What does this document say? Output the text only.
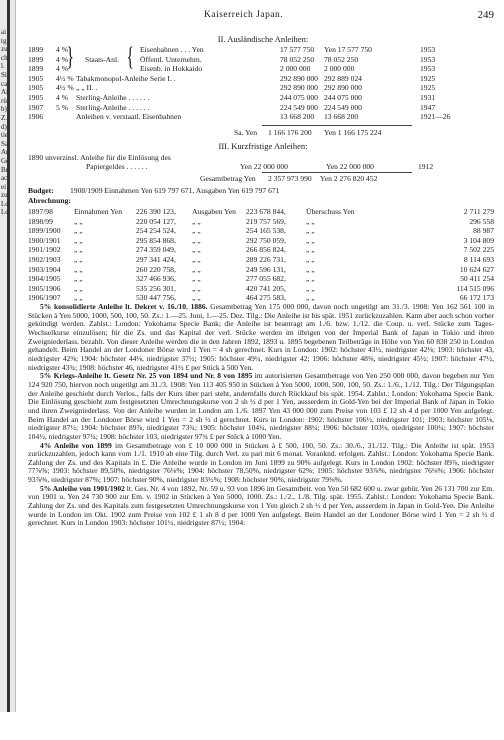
ai
tg
zu
ch
l.
Si
ca
Ai
rü
b)
Z.
d)
tie
Sa
Ar
Ge
Br
ac
ei
zu
Lo
Lo
Kaiserreich Japan.	249
II. Ausländische Anleihen:
1899 4 %	Eisenbahnen . . . Yen	17 577 750 Yen 17 577 750	1953
1899 4 %	Öffentl. Unternehm.	78 052 250 78 052 250	1953
1899 4 %	Eisenb. in Hokkaido	2 000 000 2 000 000	1953
1905 4½ % Tabakmonopol-Anleihe Serie I. .	292 890 000 292 889 024	1925
1905 4½ % „ „ II. .	292 890 000 292 890 000	1925
1905 4 % Sterling-Anleihe . . . . . .	244 075 000 244 075 000	1931
1907 5 % Sterling-Anleihe . . . . . .	224 549 000 224 549 000	1947
1906	Anleihen v. verstaatl. Eisenbahnen	13 668 200 13 668 200	1921—26
} {
Staats-Anl.
Sa. Yen 1 166 176 200 Yen 1 166 175 224
III. Kurzfristige Anleihen:
1890 unverzinsl. Anleihe für die Einlösung des
Papiergeldes . . . . . .	Yen 22 000 000	Yen 22 000 000	1912
Gesamtbetrag Yen 2 357 973 990 Yen 2 276 820 452
Budget: 1908/1909 Einnahmen Yen 619 797 671, Ausgaben Yen 619 797 671
Abrechnung:
1897/98	Einnahmen Yen 226 390 123, Ausgaben Yen 223 678 844,	Überschuss Yen	2 711 279
1898/99	„ „	220 054 127, „ „	219 757 569,	„ „	296 558
1899/1900 „ „	254 254 524, „ „	254 165 538,	„ „	88 987
1900/1901 „ „	295 854 868, „ „	292 750 059,	„ „	3 104 809
1901/1902 „ „	274 359 049, „ „	266 856 824,	„ „	7 502 225
1902/1903 „ „	297 341 424, „ „	289 226 731,	„ „	8 114 693
1903/1904 „ „	260 220 758, „ „	249 596 131,	„ „	10 624 627
1904/1905 „ „	327 466 936, „ „	277 055 682,	„ „	50 411 254
1905/1906 „ „	535 256 301, „ „	420 741 205,	„ „	114 515 096
1906/1907 „ „	530 447 756, „ „	464 275 583,	„ „	66 172 173

5% konsolidierte Anleihe lt. Dekret v. 16./10. 1886. Gesamtbetrag Yen 175 000 000, davon noch ungetilgt am 31./3. 1908: Yen 162 561 100 in Stücken à Yen 5000, 1000, 500, 100, 50. Zs.: 1.—25. Juni, 1.—25. Dez. Tilg.: Die Anleihe ist bis spät. 1951 zurückzuzahlen. Kann aber auch schon vorher gekündigt werden. Zahlst.: London: Yokohama Specie Bank; die Anleihe ist beantragt am 1./6. bzw. 1./12. die Coup. u. verl. Stücke zum Tages-Wechselkurse einzulösen; für die Zs. und das Kapital der verl. Stücke werden im übrigen von der Imperial Bank of Japan in Tokio und ihren Zweigniederlass. bezahlt. Von dieser Anleihe werden die in den Jahren 1892, 1893 u. 1895 begebenen Teilbeträge in Höhe von Yen 60 838 250 in London gehandelt. Beim Handel an der Londoner Börse wird 1 Yen = 4 sh gerechnet. Kurs in London: 1902: höchster 43¼, niedrigster 42⅛; 1903: höchster 43, niedrigster 42⅜; 1904: höchster 44⅛, niedrigster 37½; 1905: höchster 49¼, niedrigster 42; 1906: höchster 48⅝, niedrigster 45½; 1907: höchster 47½, niedrigster 43¾; 1908: höchster 46, niedrigster 41½ £ per Stück à 500 Yen.

5% Kriegs-Anleihe lt. Gesetz Nr. 25 von 1894 und Nr. 8 von 1895 im autorisierten Gesamtbetrage von Yen 250 000 000, davon begeben nur Yen 124 920 750, hiervon noch ungetilgt am 31./3. 1908: Yen 113 405 950 in Stücken à Yen 5000, 1000, 500, 100, 50. Zs.: 1./6., 1./12. Tilg.: Der Tilgungsplan der Anleihe geschieht durch Verlos., falls der Kurs über pari steht, andernfalls durch Rückkauf bis spät. 1954. Zahlst.: London: Yokohama Specie Bank. Die Einlösung geschieht zum festgesetzten Umrechnungskurse von 2 sh ½ d per 1 Yen, ausserdem in Gold-Yen bei der Imperial Bank of Japan in Tokio und ihren Zweigniederlass. Von der Anleihe wurden in London am 1./6. 1897 Yen 43 000 000 zum Preise von 103 £ 12 sh 4 d per 1000 Yen aufgelegt. Beim Handel an der Londoner Börse wird 1 Yen = 2 sh ½ d gerechnet. Kurs in London: 1902: höchster 106½, niedrigster 101; 1903: höchster 105⅛, niedrigster 87½; 1904: höchster 89⅞, niedrigster 73¾; 1905: höchster 104¼, niedrigster 88¼; 1906: höchster 103⅛, niedrigster 100¼; 1907: höchster 104½, niedrigster 97¼; 1908: höchster 103, niedrigster 97¾ £ per Stück à 1000 Yen.

4% Anleihe von 1899 im Gesamtbetrage von £ 10 000 000 in Stücken à £ 500, 100, 50. Zs.: 30./6., 31./12. Tilg.: Die Anleihe ist spät. 1953 zurückzuzahlen, jedoch kann vom 1./1. 1910 ab eine Tilg. durch Verl. zu pari mit 6 monat. Voranknd. erfolgen. Zahlst.: London: Yokohama Specie Bank. Zahlung der Zs. und des Kapitals in £. Die Anleihe wurde in London im Juni 1899 zu 90% aufgelegt. Kurs in London 1902: höchster 89⅞, niedrigster 77⅞%; 1903: höchster 89,50%, niedrigster 76⅛%; 1904: höchster 78,50%, niedrigster 62%; 1905: höchster 93⅞%, niedrigster 76⅛%; 1906: höchster 93⅞%, niedrigster 87%; 1907: höchster 90%, niedrigster 83½%; 1908: höchster 90%, niedrigster 79⅜%.

5% Anleihe von 1901/1902 lt. Ges. Nr. 4 von 1892, Nr. 59 u. 93 von 1896 im Gesamtbetr. von Yen 50 682 600 u. zwar gebür. Yen 26 131 700 zur Em. von 1901 u. Yen 24 730 900 zur Em. v. 1902 in Stücken à Yen 5000, 1000. Zs.: 1./2., 1./8. Tilg. spät. 1955. Zahlst.: London: Yokohama Specie Bank. Zahlung der Zs. und des Kapitals zum festgesetzten Umrechnungskurse von 1 Yen gleich 2 sh ½ d per Yen, ausserdem in Japan in Gold-Yen. Die Anleihe wurde in London im Okt. 1902 zum Preise von 102 £ 1 sh 8 d per 1000 Yen aufgelegt. Beim Handel an der Londoner Börse wird 1 Yen = 2 sh ½ d gerechnet. Kurs in London 1903: höchster 101½, niedrigster 87½; 1904:
